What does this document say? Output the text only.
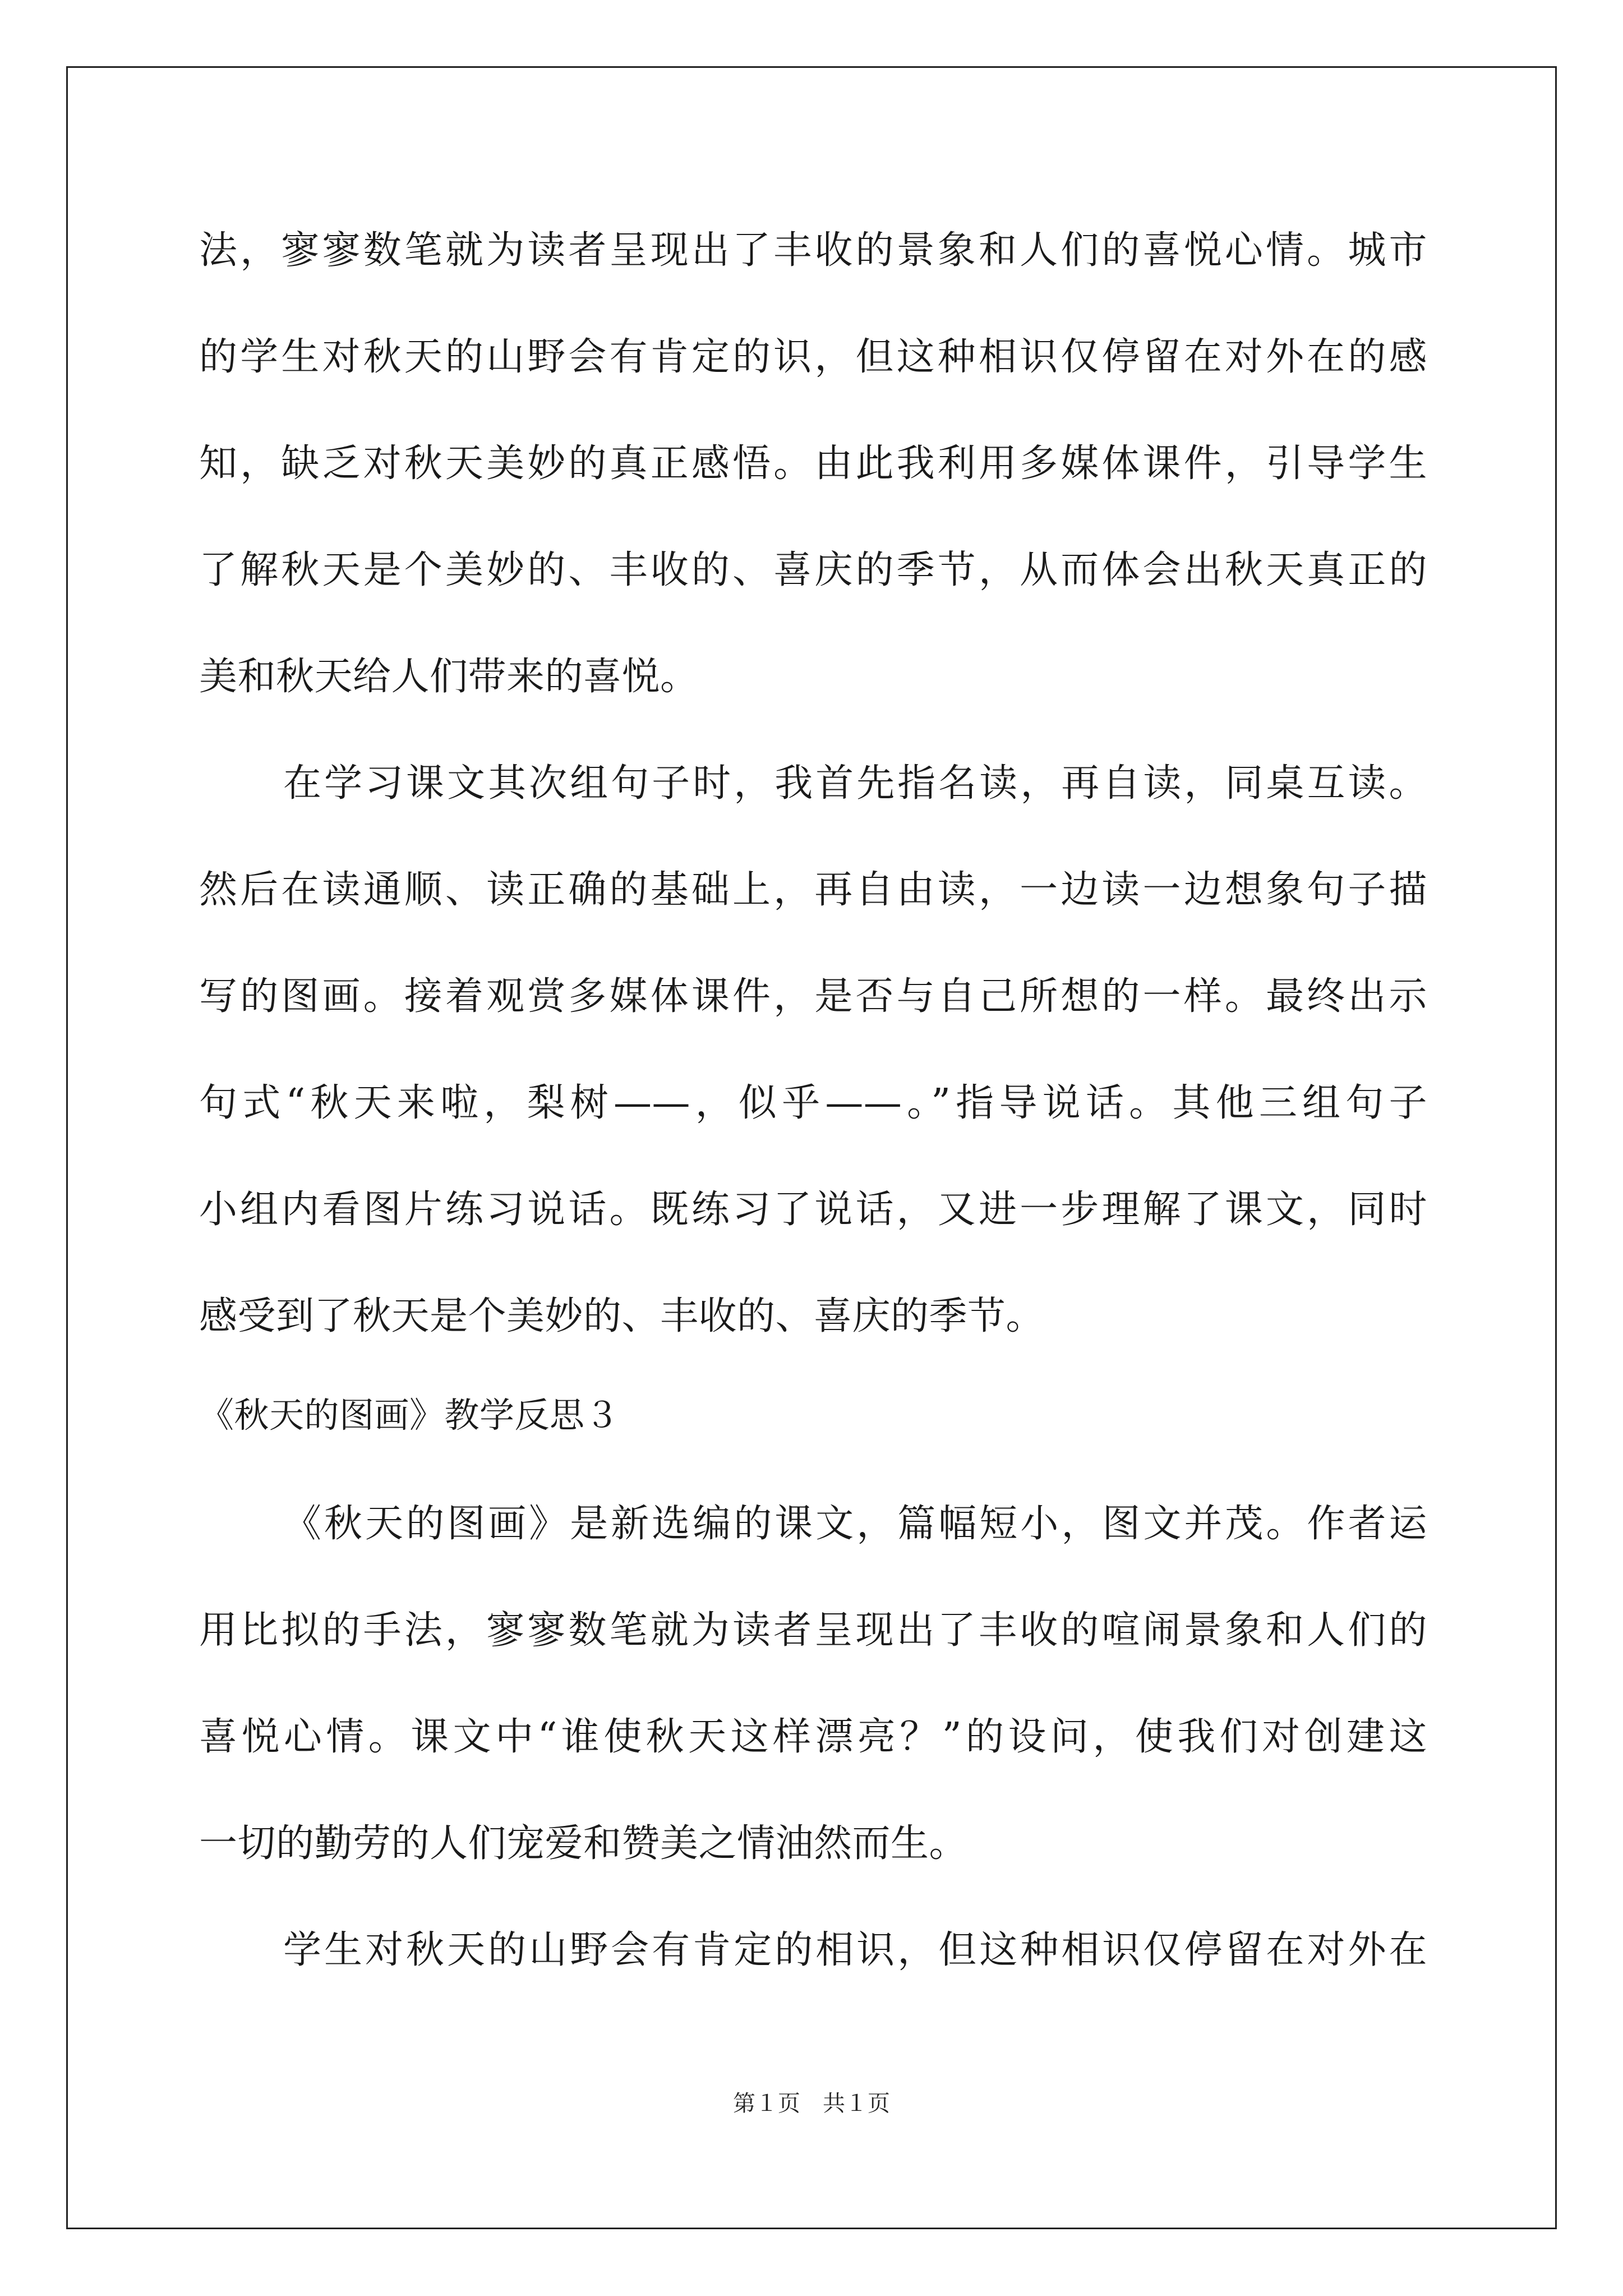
法，寥寥数笔就为读者呈现出了丰收的景象和人们的喜悦心情。城市
的学生对秋天的山野会有肯定的识，但这种相识仅停留在对外在的感
知，缺乏对秋天美妙的真正感悟。由此我利用多媒体课件，引导学生
了解秋天是个美妙的、丰收的、喜庆的季节，从而体会出秋天真正的
美和秋天给人们带来的喜悦。
在学习课文其次组句子时，我首先指名读，再自读，同桌互读。
然后在读通顺、读正确的基础上，再自由读，一边读一边想象句子描
写的图画。接着观赏多媒体课件，是否与自己所想的一样。最终出示
句式“秋天来啦，梨树——，似乎——。”指导说话。其他三组句子
小组内看图片练习说话。既练习了说话，又进一步理解了课文，同时
感受到了秋天是个美妙的、丰收的、喜庆的季节。
《秋天的图画》教学反思３
《秋天的图画》是新选编的课文，篇幅短小，图文并茂。作者运
用比拟的手法，寥寥数笔就为读者呈现出了丰收的喧闹景象和人们的
喜悦心情。课文中“谁使秋天这样漂亮？”的设问，使我们对创建这
一切的勤劳的人们宠爱和赞美之情油然而生。
学生对秋天的山野会有肯定的相识，但这种相识仅停留在对外在
第１页　共１页
